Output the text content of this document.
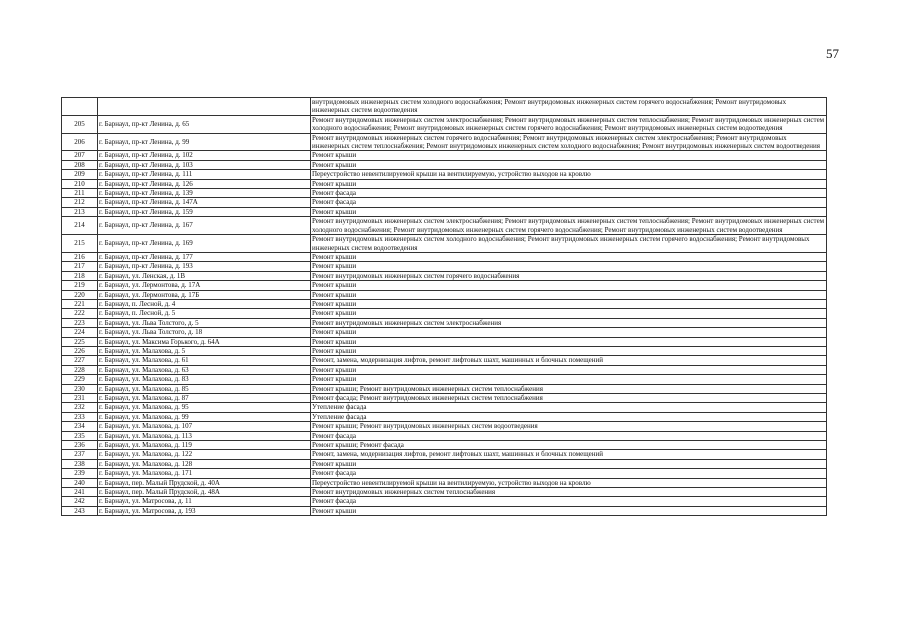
57
		внутридомовых инженерных систем холодного водоснабжения; Ремонт внутридомовых инженерных систем горячего водоснабжения; Ремонт внутридомовых инженерных систем водоотведения
205	г. Барнаул, пр-кт Ленина, д. 65	Ремонт внутридомовых инженерных систем электроснабжения; Ремонт внутридомовых инженерных систем теплоснабжения; Ремонт внутридомовых инженерных систем холодного водоснабжения; Ремонт внутридомовых инженерных систем горячего водоснабжения; Ремонт внутридомовых инженерных систем водоотведения
206	г. Барнаул, пр-кт Ленина, д. 99	Ремонт внутридомовых инженерных систем горячего водоснабжения; Ремонт внутридомовых инженерных систем электроснабжения; Ремонт внутридомовых инженерных систем теплоснабжения; Ремонт внутридомовых инженерных систем холодного водоснабжения; Ремонт внутридомовых инженерных систем водоотведения
207	г. Барнаул, пр-кт Ленина, д. 102	Ремонт крыши
208	г. Барнаул, пр-кт Ленина, д. 103	Ремонт крыши
209	г. Барнаул, пр-кт Ленина, д. 111	Переустройство невентилируемой крыши на вентилируемую, устройство выходов на кровлю
210	г. Барнаул, пр-кт Ленина, д. 126	Ремонт крыши
211	г. Барнаул, пр-кт Ленина, д. 139	Ремонт фасада
212	г. Барнаул, пр-кт Ленина, д. 147А	Ремонт фасада
213	г. Барнаул, пр-кт Ленина, д. 159	Ремонт крыши
214	г. Барнаул, пр-кт Ленина, д. 167	Ремонт внутридомовых инженерных систем электроснабжения; Ремонт внутридомовых инженерных систем теплоснабжения; Ремонт внутридомовых инженерных систем холодного водоснабжения; Ремонт внутридомовых инженерных систем горячего водоснабжения; Ремонт внутридомовых инженерных систем водоотведения
215	г. Барнаул, пр-кт Ленина, д. 169	Ремонт внутридомовых инженерных систем холодного водоснабжения; Ремонт внутридомовых инженерных систем горячего водоснабжения; Ремонт внутридомовых инженерных систем водоотведения
216	г. Барнаул, пр-кт Ленина, д. 177	Ремонт крыши
217	г. Барнаул, пр-кт Ленина, д. 193	Ремонт крыши
218	г. Барнаул, ул. Ленская, д. 1В	Ремонт внутридомовых инженерных систем горячего водоснабжения
219	г. Барнаул, ул. Лермонтова, д. 17А	Ремонт крыши
220	г. Барнаул, ул. Лермонтова, д. 17Б	Ремонт крыши
221	г. Барнаул, п. Лесной, д. 4	Ремонт крыши
222	г. Барнаул, п. Лесной, д. 5	Ремонт крыши
223	г. Барнаул, ул. Льва Толстого, д. 5	Ремонт внутридомовых инженерных систем электроснабжения
224	г. Барнаул, ул. Льва Толстого, д. 18	Ремонт крыши
225	г. Барнаул, ул. Максима Горького, д. 64А	Ремонт крыши
226	г. Барнаул, ул. Малахова, д. 5	Ремонт крыши
227	г. Барнаул, ул. Малахова, д. 61	Ремонт, замена, модернизация лифтов, ремонт лифтовых шахт, машинных и блочных помещений
228	г. Барнаул, ул. Малахова, д. 63	Ремонт крыши
229	г. Барнаул, ул. Малахова, д. 83	Ремонт крыши
230	г. Барнаул, ул. Малахова, д. 85	Ремонт крыши; Ремонт внутридомовых инженерных систем теплоснабжения
231	г. Барнаул, ул. Малахова, д. 87	Ремонт фасада; Ремонт внутридомовых инженерных систем теплоснабжения
232	г. Барнаул, ул. Малахова, д. 95	Утепление фасада
233	г. Барнаул, ул. Малахова, д. 99	Утепление фасада
234	г. Барнаул, ул. Малахова, д. 107	Ремонт крыши; Ремонт внутридомовых инженерных систем водоотведения
235	г. Барнаул, ул. Малахова, д. 113	Ремонт фасада
236	г. Барнаул, ул. Малахова, д. 119	Ремонт крыши; Ремонт фасада
237	г. Барнаул, ул. Малахова, д. 122	Ремонт, замена, модернизация лифтов, ремонт лифтовых шахт, машинных и блочных помещений
238	г. Барнаул, ул. Малахова, д. 128	Ремонт крыши
239	г. Барнаул, ул. Малахова, д. 171	Ремонт фасада
240	г. Барнаул, пер. Малый Прудской, д. 40А	Переустройство невентилируемой крыши на вентилируемую, устройство выходов на кровлю
241	г. Барнаул, пер. Малый Прудской, д. 48А	Ремонт внутридомовых инженерных систем теплоснабжения
242	г. Барнаул, ул. Матросова, д. 11	Ремонт фасада
243	г. Барнаул, ул. Матросова, д. 193	Ремонт крыши
